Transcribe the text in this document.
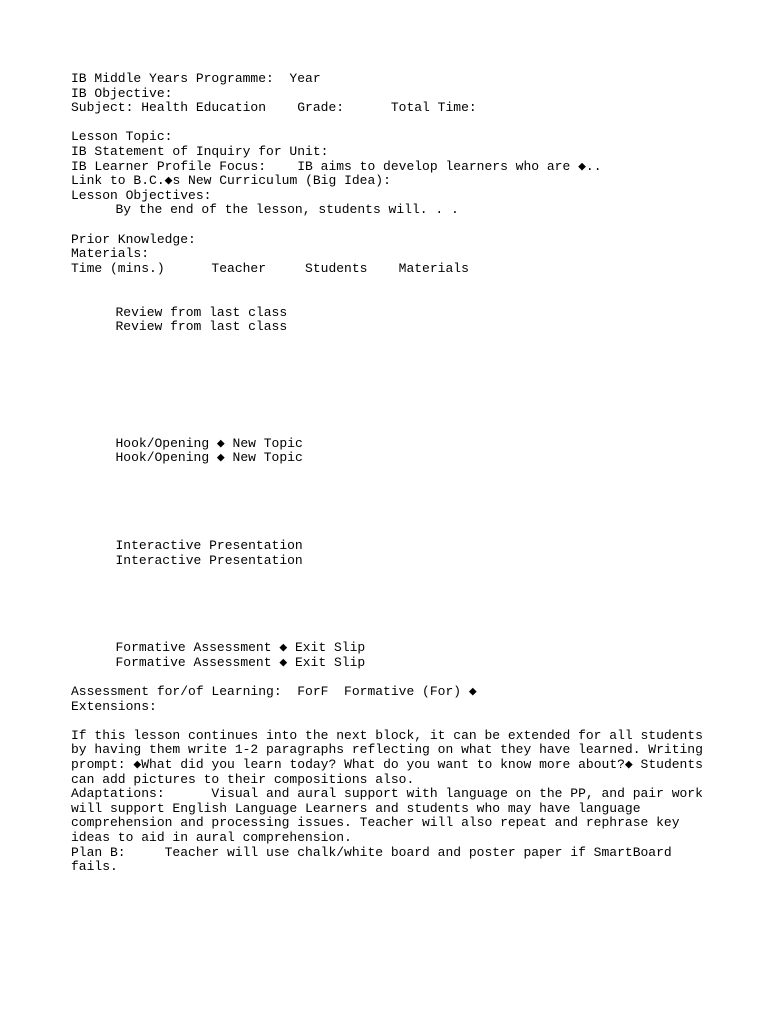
IB Middle Years Programme:  Year
IB Objective:
Subject: Health Education    Grade:      Total Time:
Lesson Topic:
IB Statement of Inquiry for Unit:
IB Learner Profile Focus:    IB aims to develop learners who are ◆..
Link to B.C.◆s New Curriculum (Big Idea):
Lesson Objectives:
By the end of the lesson, students will. . .
Prior Knowledge:
Materials:
Time (mins.)      Teacher     Students    Materials
Review from last class
Review from last class
Hook/Opening ◆ New Topic
Hook/Opening ◆ New Topic
Interactive Presentation
Interactive Presentation
Formative Assessment ◆ Exit Slip
Formative Assessment ◆ Exit Slip
Assessment for/of Learning:  ForF  Formative (For) ◆
Extensions:
If this lesson continues into the next block, it can be extended for all students
by having them write 1-2 paragraphs reflecting on what they have learned. Writing
prompt: ◆What did you learn today? What do you want to know more about?◆ Students
can add pictures to their compositions also.
Adaptations:      Visual and aural support with language on the PP, and pair work
will support English Language Learners and students who may have language
comprehension and processing issues. Teacher will also repeat and rephrase key
ideas to aid in aural comprehension.
Plan B:     Teacher will use chalk/white board and poster paper if SmartBoard
fails.
